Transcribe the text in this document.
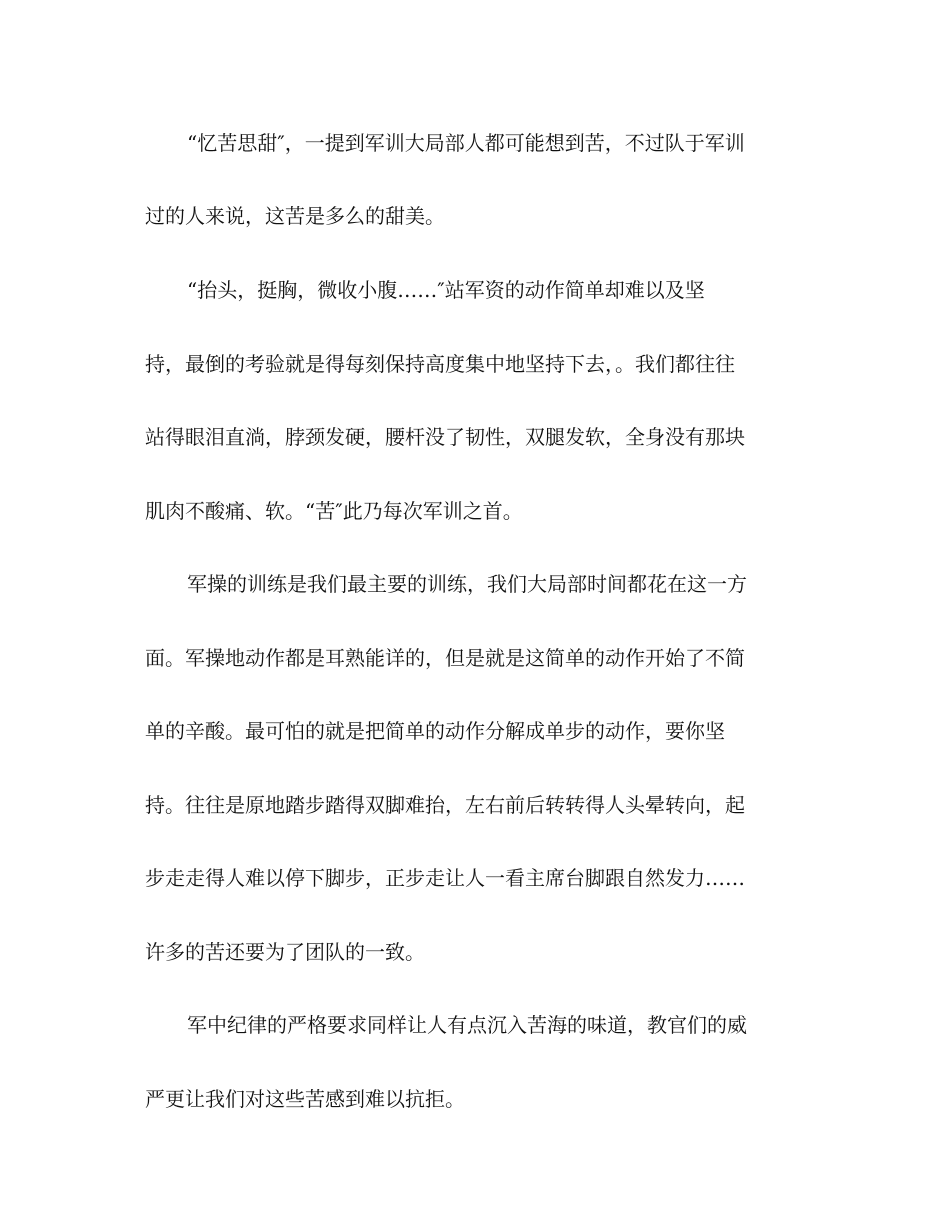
“忆苦思甜″，一提到军训大局部人都可能想到苦，不过队于军训
过的人来说，这苦是多么的甜美。
“抬头，挺胸，微收小腹……″站军资的动作简单却难以及坚
持，最倒的考验就是得每刻保持高度集中地坚持下去，。我们都往往
站得眼泪直淌，脖颈发硬，腰杆没了韧性，双腿发软，全身没有那块
肌肉不酸痛、软。“苦″此乃每次军训之首。
军操的训练是我们最主要的训练，我们大局部时间都花在这一方
面。军操地动作都是耳熟能详的，但是就是这简单的动作开始了不简
单的辛酸。最可怕的就是把简单的动作分解成单步的动作，要你坚
持。往往是原地踏步踏得双脚难抬，左右前后转转得人头晕转向，起
步走走得人难以停下脚步，正步走让人一看主席台脚跟自然发力……
许多的苦还要为了团队的一致。
军中纪律的严格要求同样让人有点沉入苦海的味道，教官们的威
严更让我们对这些苦感到难以抗拒。
